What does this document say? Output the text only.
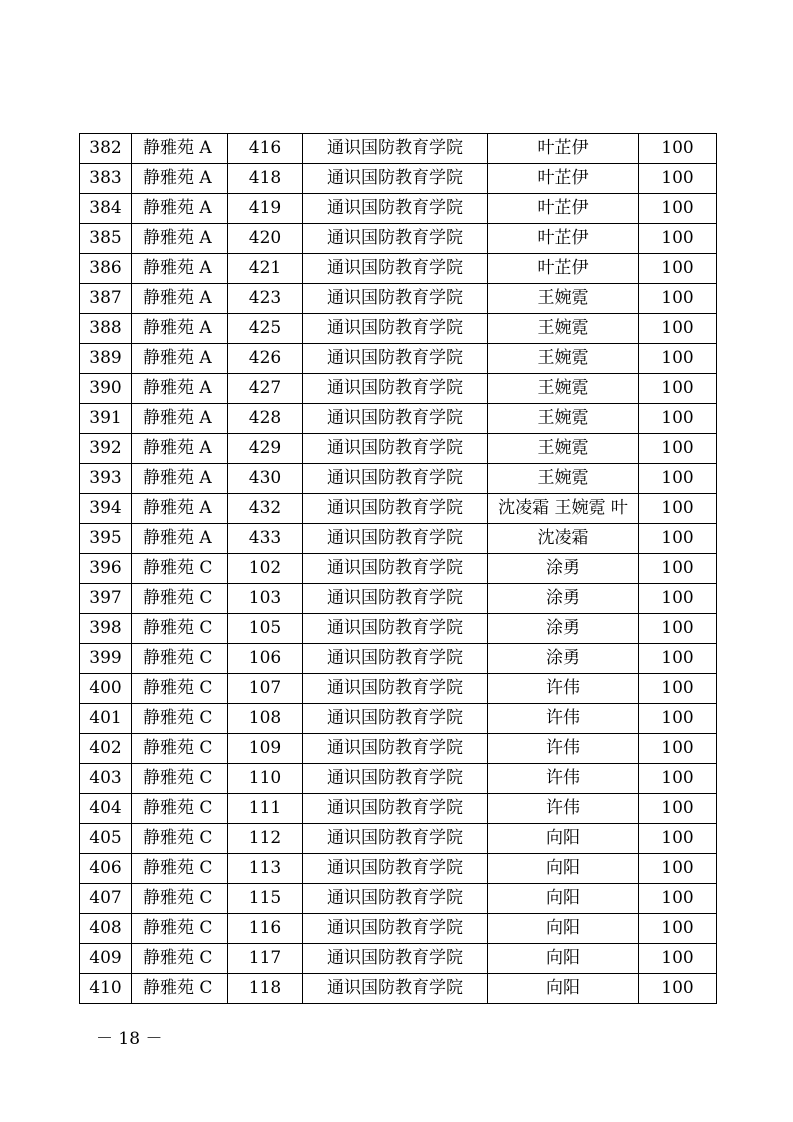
382	静雅苑 A	416	通识国防教育学院	叶芷伊	100
383	静雅苑 A	418	通识国防教育学院	叶芷伊	100
384	静雅苑 A	419	通识国防教育学院	叶芷伊	100
385	静雅苑 A	420	通识国防教育学院	叶芷伊	100
386	静雅苑 A	421	通识国防教育学院	叶芷伊	100
387	静雅苑 A	423	通识国防教育学院	王婉霓	100
388	静雅苑 A	425	通识国防教育学院	王婉霓	100
389	静雅苑 A	426	通识国防教育学院	王婉霓	100
390	静雅苑 A	427	通识国防教育学院	王婉霓	100
391	静雅苑 A	428	通识国防教育学院	王婉霓	100
392	静雅苑 A	429	通识国防教育学院	王婉霓	100
393	静雅苑 A	430	通识国防教育学院	王婉霓	100
394	静雅苑 A	432	通识国防教育学院	沈凌霜 王婉霓 叶	100
395	静雅苑 A	433	通识国防教育学院	沈凌霜	100
396	静雅苑 C	102	通识国防教育学院	涂勇	100
397	静雅苑 C	103	通识国防教育学院	涂勇	100
398	静雅苑 C	105	通识国防教育学院	涂勇	100
399	静雅苑 C	106	通识国防教育学院	涂勇	100
400	静雅苑 C	107	通识国防教育学院	许伟	100
401	静雅苑 C	108	通识国防教育学院	许伟	100
402	静雅苑 C	109	通识国防教育学院	许伟	100
403	静雅苑 C	110	通识国防教育学院	许伟	100
404	静雅苑 C	111	通识国防教育学院	许伟	100
405	静雅苑 C	112	通识国防教育学院	向阳	100
406	静雅苑 C	113	通识国防教育学院	向阳	100
407	静雅苑 C	115	通识国防教育学院	向阳	100
408	静雅苑 C	116	通识国防教育学院	向阳	100
409	静雅苑 C	117	通识国防教育学院	向阳	100
410	静雅苑 C	118	通识国防教育学院	向阳	100
－ 18 －
